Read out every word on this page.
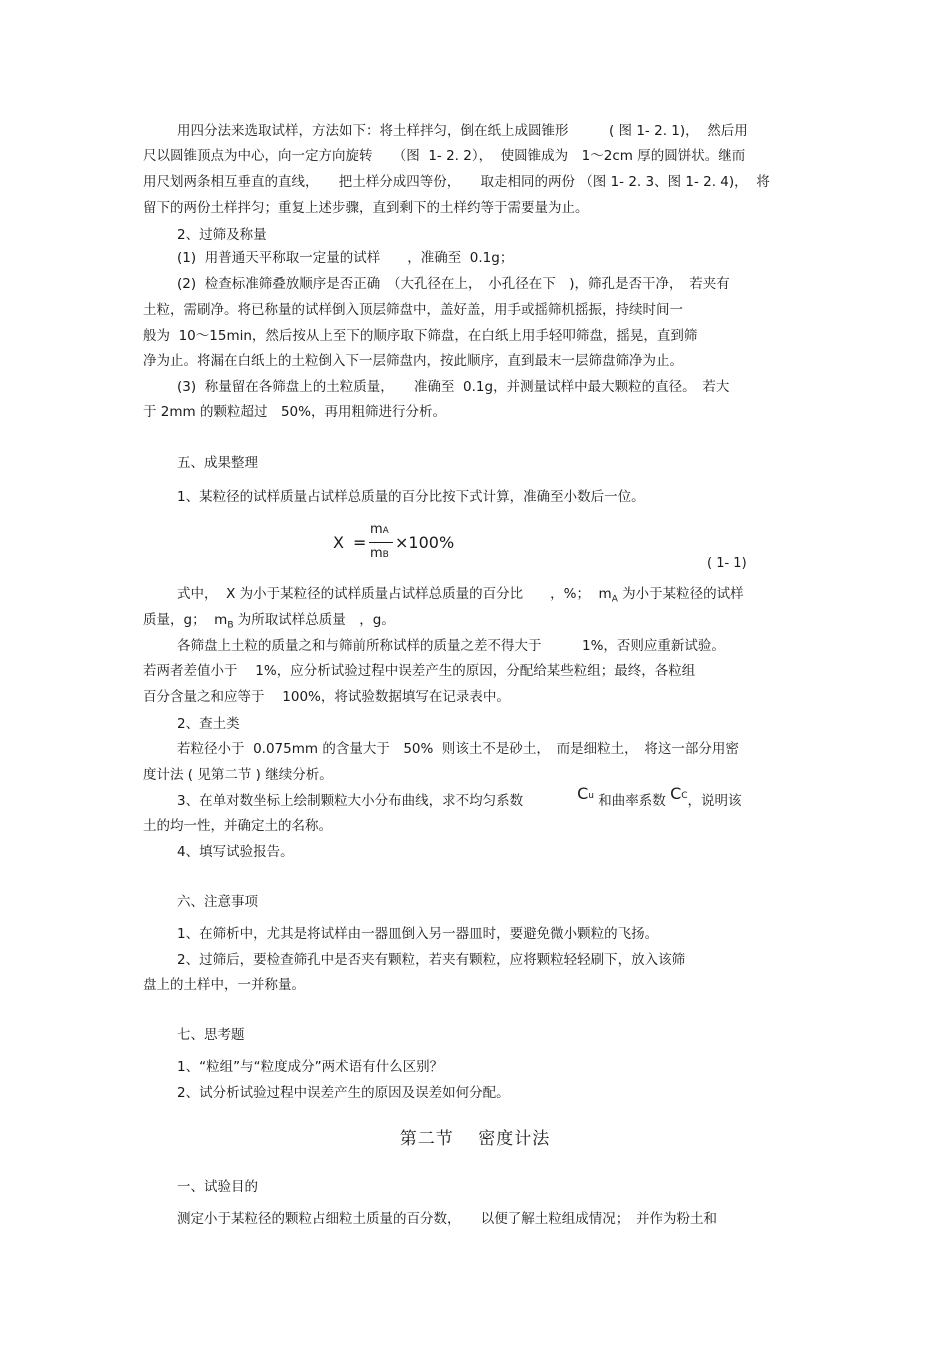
用四分法来选取试样，方法如下：将土样拌匀，倒在纸上成圆锥形　　　( 图 1- 2. 1)，  然后用
尺以圆锥顶点为中心，向一定方向旋转　　（图  1- 2. 2），  使圆锥成为　1～2cm 厚的圆饼状。继而
用尺划两条相互垂直的直线，　　把土样分成四等份，　　取走相同的两份 （图 1- 2. 3、图 1- 2. 4)，  将
留下的两份土样拌匀；重复上述步骤，直到剩下的土样约等于需要量为止。
2、过筛及称量
(1)  用普通天平称取一定量的试样　　，准确至  0.1g；
(2)  检查标准筛叠放顺序是否正确　（大孔径在上，　小孔径在下　)，筛孔是否干净，　若夹有
土粒，需刷净。将已称量的试样倒入顶层筛盘中，盖好盖，用手或摇筛机摇振，持续时间一
般为  10～15min，然后按从上至下的顺序取下筛盘，在白纸上用手轻叩筛盘，摇晃，直到筛
净为止。将漏在白纸上的土粒倒入下一层筛盘内，按此顺序，直到最末一层筛盘筛净为止。
(3)  称量留在各筛盘上的土粒质量，　　准确至  0.1g，并测量试样中最大颗粒的直径。　若大
于 2mm 的颗粒超过　50%，再用粗筛进行分析。
五、成果整理
1、某粒径的试样质量占试样总质量的百分比按下式计算，准确至小数后一位。
X =
mA
mB
×100%
( 1- 1)
式中，  X 为小于某粒径的试样质量占试样总质量的百分比　　，%；  $m_A$ 为小于某粒径的试样
质量，g；  $m_B$ 为所取试样总质量　，g。
各筛盘上土粒的质量之和与筛前所称试样的质量之差不得大于　　　1%，否则应重新试验。
若两者差值小于　 1%，应分析试验过程中误差产生的原因，分配给某些粒组；最终，各粒组
百分含量之和应等于　 100%，将试验数据填写在记录表中。
2、查土类
若粒径小于  0.075mm 的含量大于　50%  则该土不是砂土，　而是细粒土，　将这一部分用密
度计法 ( 见第二节 ) 继续分析。
3、在单对数坐标上绘制颗粒大小分布曲线，求不均匀系数　　　　$C^u$ 和曲率系数 $C^C$，说明该
土的均一性，并确定土的名称。
4、填写试验报告。
六、注意事项
1、在筛析中，尤其是将试样由一器皿倒入另一器皿时，要避免微小颗粒的飞扬。
2、过筛后，要检查筛孔中是否夹有颗粒，若夹有颗粒，应将颗粒轻轻刷下，放入该筛
盘上的土样中，一并称量。
七、思考题
1、“粒组”与“粒度成分”两术语有什么区别？
2、试分析试验过程中误差产生的原因及误差如何分配。
第二节　 密度计法
一、试验目的
测定小于某粒径的颗粒占细粒土质量的百分数，　　以便了解土粒组成情况；　并作为粉土和
